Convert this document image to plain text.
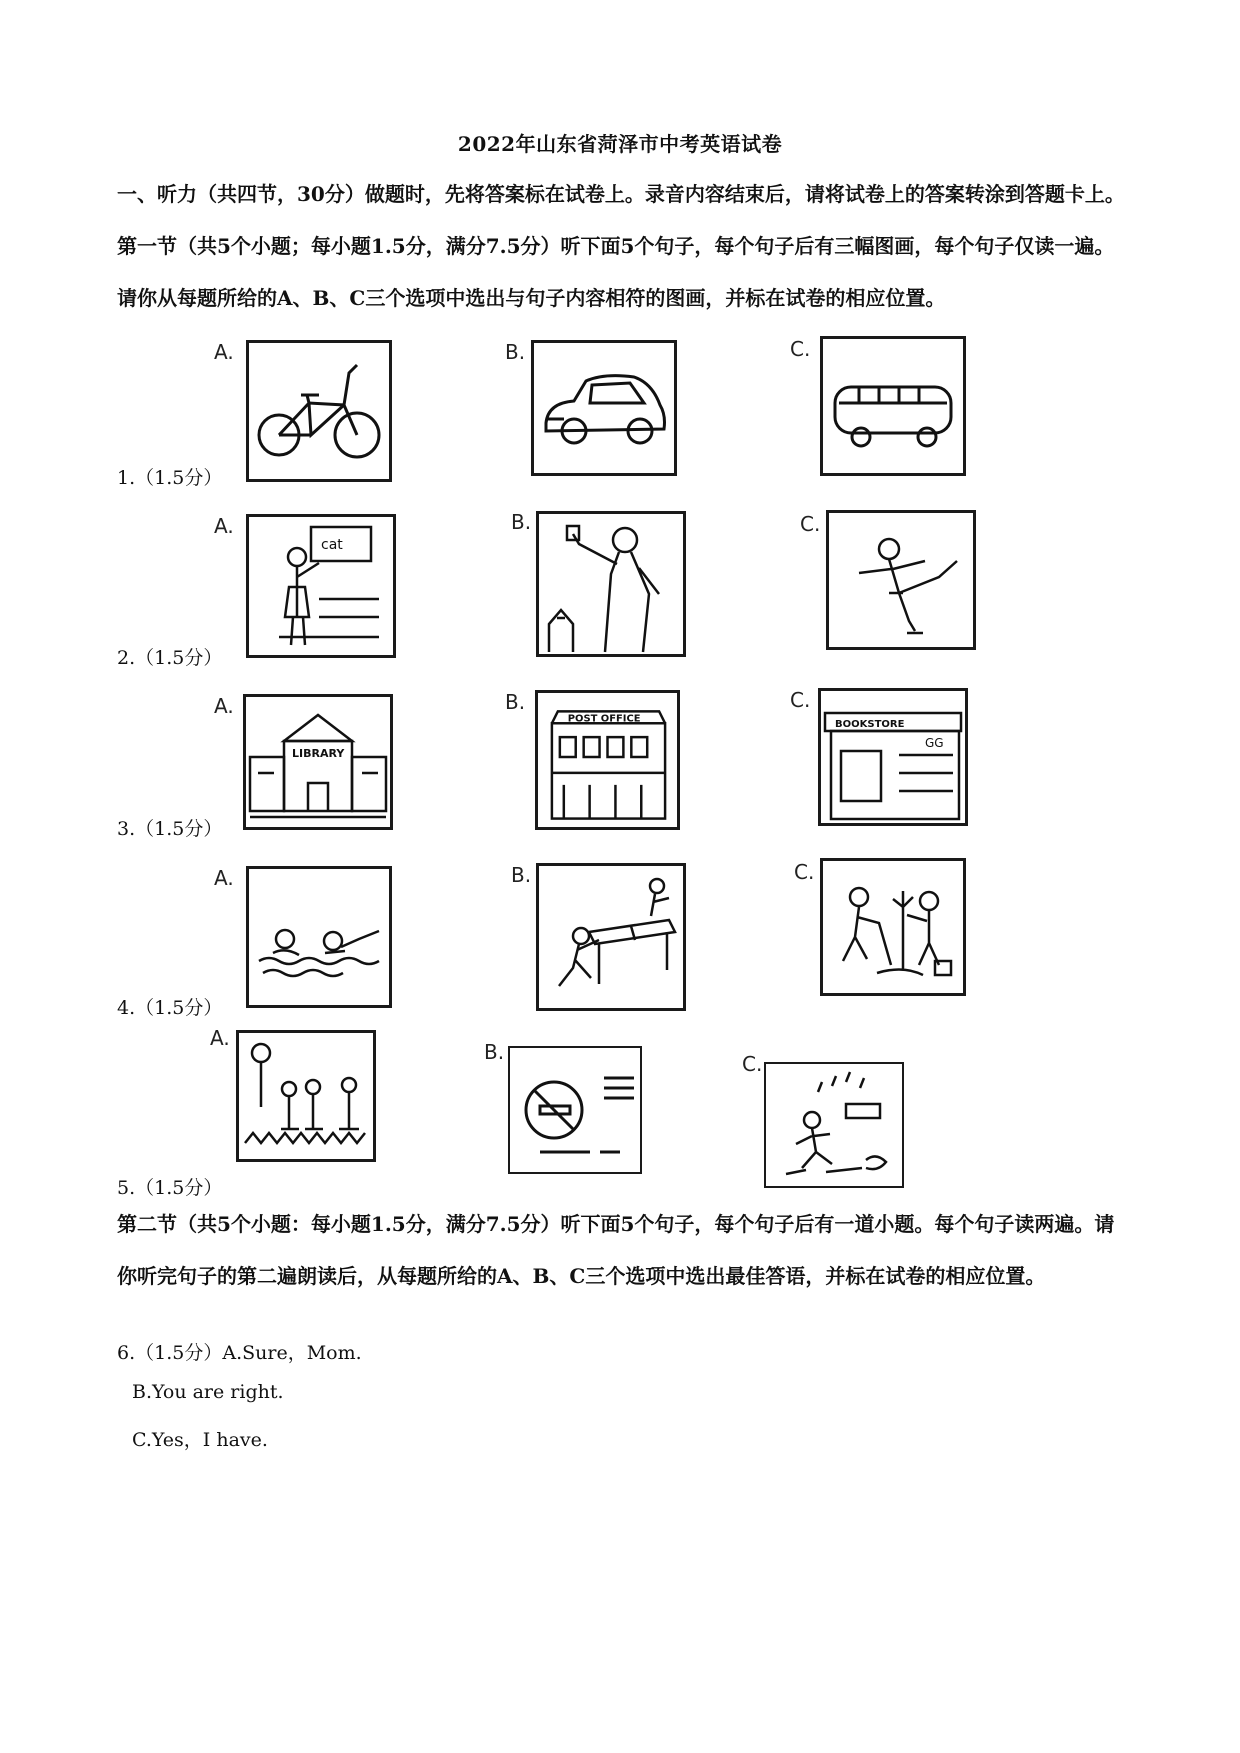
2022年山东省菏泽市中考英语试卷
一、听力（共四节，30分）做题时，先将答案标在试卷上。录音内容结束后，请将试卷上的答案转涂到答题卡上。第一节（共5个小题；每小题1.5分，满分7.5分）听下面5个句子，每个句子后有三幅图画，每个句子仅读一遍。请你从每题所给的A、B、C三个选项中选出与句子内容相符的图画，并标在试卷的相应位置。
1.（1.5分）
A.	B.	C.
2.（1.5分）
A.
cat
B.	C.
3.（1.5分）
A.
LIBRARY
B.
POST OFFICE
C.
GG
BOOKSTORE
4.（1.5分）
A.	B.	C.
5.（1.5分）
A.
B.	C.
第二节（共5个小题：每小题1.5分，满分7.5分）听下面5个句子，每个句子后有一道小题。每个句子读两遍。请你听完句子的第二遍朗读后，从每题所给的A、B、C三个选项中选出最佳答语，并标在试卷的相应位置。
6.（1.5分）A.Sure，Mom.
B.You are right.
C.Yes，I have.
